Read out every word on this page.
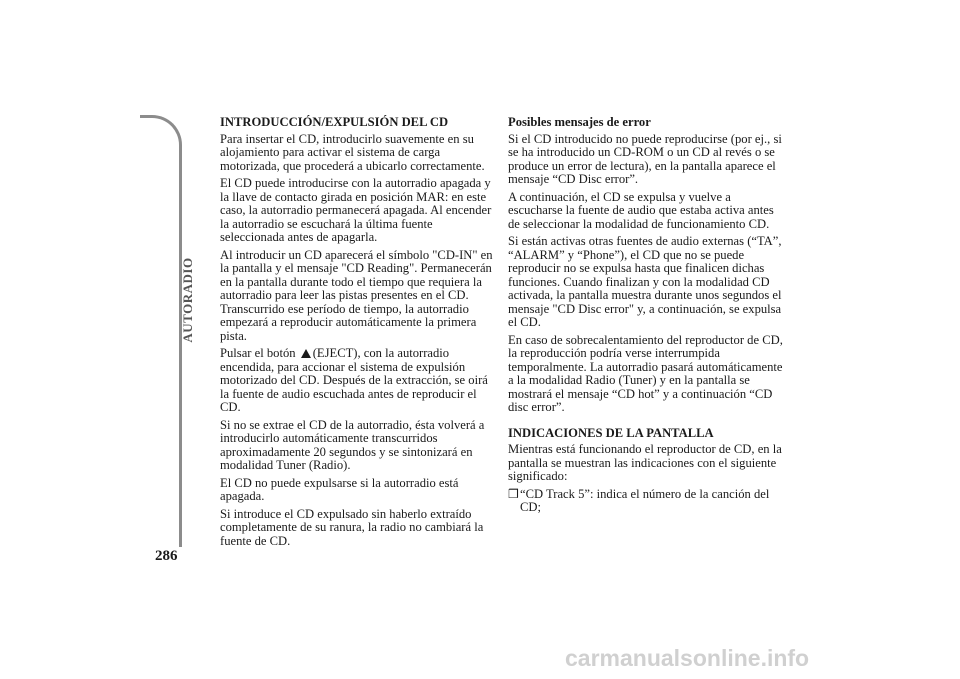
AUTORADIO
286
INTRODUCCIÓN/EXPULSIÓN DEL CD

Para insertar el CD, introducirlo suavemente en su alojamiento para activar el sistema de carga motorizada, que procederá a ubicarlo correctamente.

El CD puede introducirse con la autorradio apagada y la llave de contacto girada en posición MAR: en este caso, la autorradio permanecerá apagada. Al encender la autorradio se escuchará la última fuente seleccionada antes de apagarla.

Al introducir un CD aparecerá el símbolo "CD-IN" en la pantalla y el mensaje "CD Reading". Permanecerán en la pantalla durante todo el tiempo que requiera la autorradio para leer las pistas presentes en el CD. Transcurrido ese período de tiempo, la autorradio empezará a reproducir automáticamente la primera pista.

Pulsar el botón (EJECT), con la autorradio encendida, para accionar el sistema de expulsión motorizado del CD. Después de la extracción, se oirá la fuente de audio escuchada antes de reproducir el CD.

Si no se extrae el CD de la autorradio, ésta volverá a introducirlo automáticamente transcurridos aproximadamente 20 segundos y se sintonizará en modalidad Tuner (Radio).

El CD no puede expulsarse si la autorradio está apagada.

Si introduce el CD expulsado sin haberlo extraído completamente de su ranura, la radio no cambiará la fuente de CD.

Posibles mensajes de error

Si el CD introducido no puede reproducirse (por ej., si se ha introducido un CD-ROM o un CD al revés o se produce un error de lectura), en la pantalla aparece el mensaje “CD Disc error”.

A continuación, el CD se expulsa y vuelve a escucharse la fuente de audio que estaba activa antes de seleccionar la modalidad de funcionamiento CD.

Si están activas otras fuentes de audio externas (“TA”, “ALARM” y “Phone”), el CD que no se puede reproducir no se expulsa hasta que finalicen dichas funciones. Cuando finalizan y con la modalidad CD activada, la pantalla muestra durante unos segundos el mensaje "CD Disc error" y, a continuación, se expulsa el CD.

En caso de sobrecalentamiento del reproductor de CD, la reproducción podría verse interrumpida temporalmente. La autorradio pasará automáticamente a la modalidad Radio (Tuner) y en la pantalla se mostrará el mensaje “CD hot” y a continuación “CD disc error”.

INDICACIONES DE LA PANTALLA

Mientras está funcionando el reproductor de CD, en la pantalla se muestran las indicaciones con el siguiente significado:

❒ “CD Track 5”: indica el número de la canción del CD;
carmanualsonline.info
